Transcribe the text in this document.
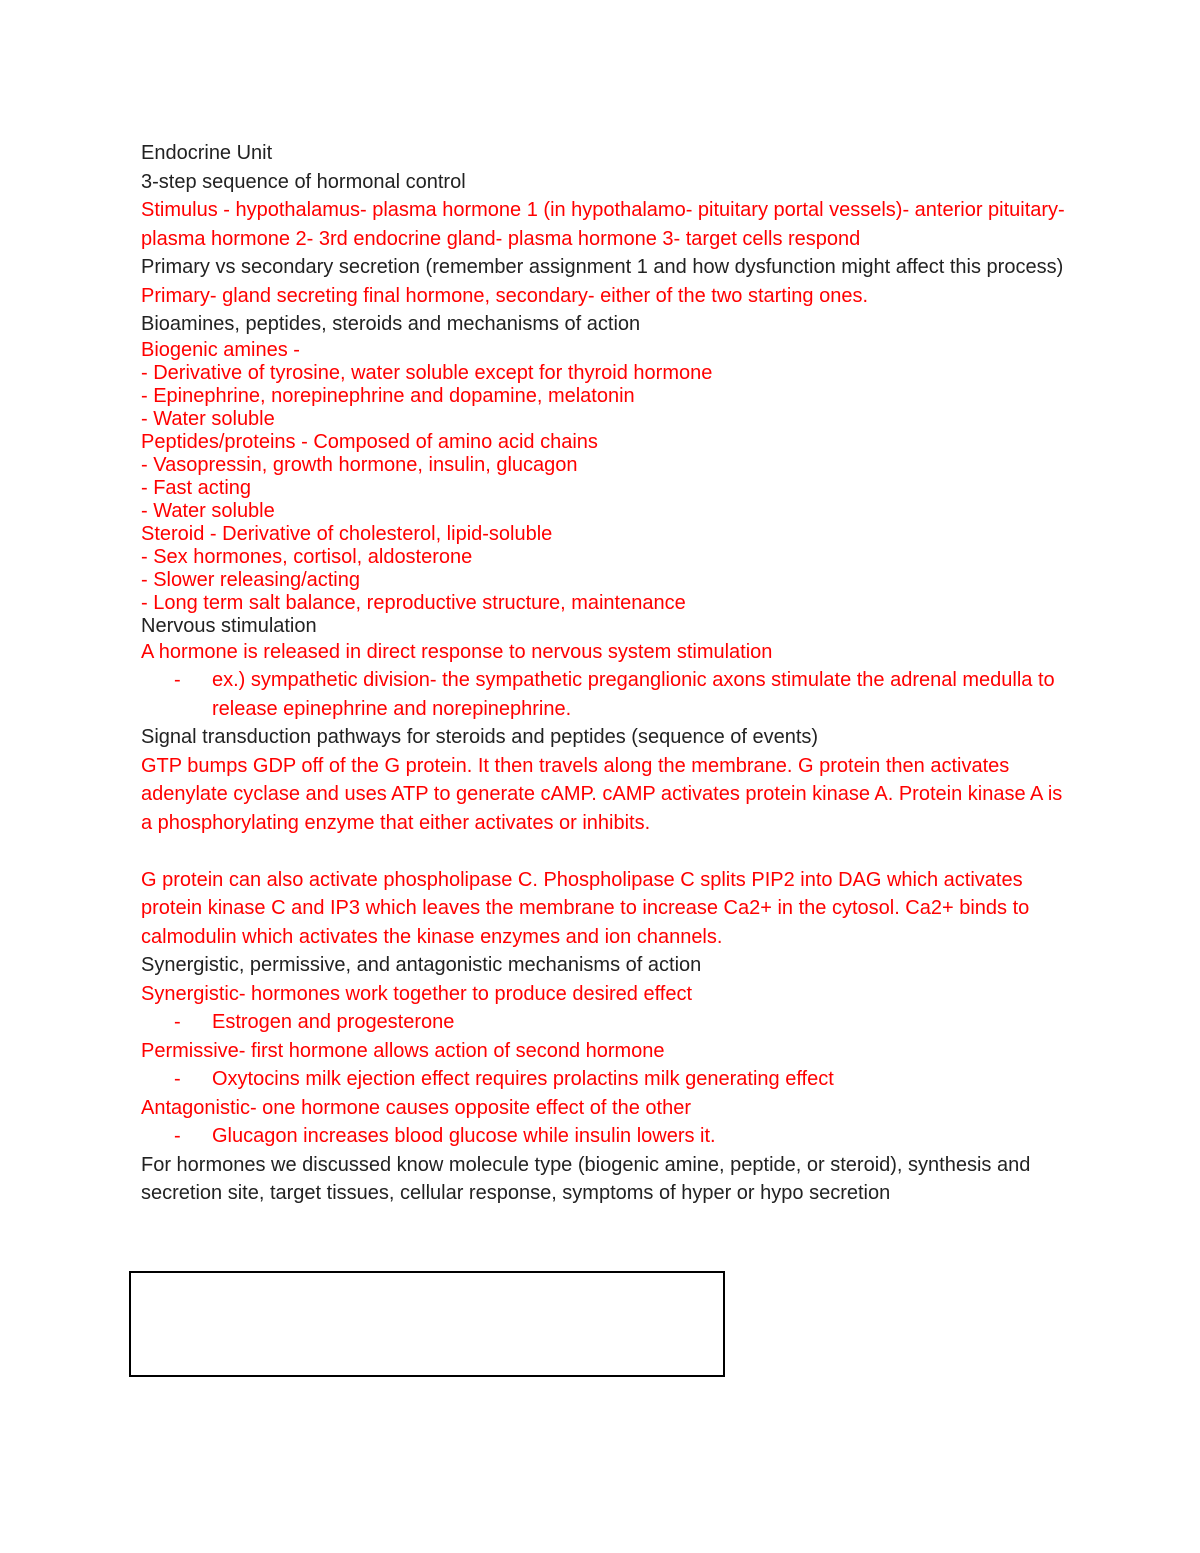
Endocrine Unit
3-step sequence of hormonal control
Stimulus - hypothalamus- plasma hormone 1 (in hypothalamo- pituitary portal vessels)- anterior pituitary- plasma hormone 2- 3rd endocrine gland- plasma hormone 3- target cells respond
Primary vs secondary secretion (remember assignment 1 and how dysfunction might affect this process)
Primary- gland secreting final hormone, secondary- either of the two starting ones.
Bioamines, peptides, steroids and mechanisms of action
Biogenic amines -
- Derivative of tyrosine, water soluble except for thyroid hormone
- Epinephrine, norepinephrine and dopamine, melatonin
- Water soluble
Peptides/proteins - Composed of amino acid chains
- Vasopressin, growth hormone, insulin, glucagon
- Fast acting
- Water soluble
Steroid - Derivative of cholesterol, lipid-soluble
- Sex hormones, cortisol, aldosterone
- Slower releasing/acting
- Long term salt balance, reproductive structure, maintenance
Nervous stimulation
A hormone is released in direct response to nervous system stimulation
- ex.) sympathetic division- the sympathetic preganglionic axons stimulate the adrenal medulla to release epinephrine and norepinephrine.
Signal transduction pathways for steroids and peptides (sequence of events)
GTP bumps GDP off of the G protein. It then travels along the membrane. G protein then activates adenylate cyclase and uses ATP to generate cAMP. cAMP activates protein kinase A. Protein kinase A is a phosphorylating enzyme that either activates or inhibits.
G protein can also activate phospholipase C. Phospholipase C splits PIP2 into DAG which activates protein kinase C and IP3 which leaves the membrane to increase Ca2+ in the cytosol. Ca2+ binds to calmodulin which activates the kinase enzymes and ion channels.
Synergistic, permissive, and antagonistic mechanisms of action
Synergistic- hormones work together to produce desired effect
- Estrogen and progesterone
Permissive- first hormone allows action of second hormone
- Oxytocins milk ejection effect requires prolactins milk generating effect
Antagonistic- one hormone causes opposite effect of the other
- Glucagon increases blood glucose while insulin lowers it.
For hormones we discussed know molecule type (biogenic amine, peptide, or steroid), synthesis and secretion site, target tissues, cellular response, symptoms of hyper or hypo secretion
